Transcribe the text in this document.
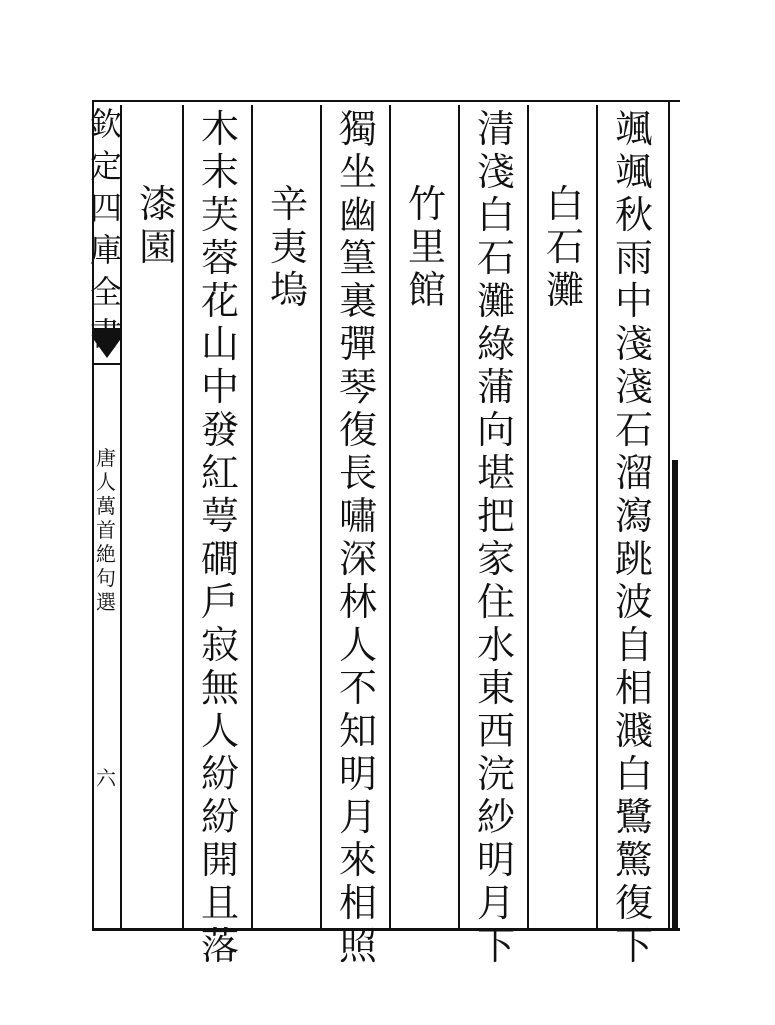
欽
定
四
庫
全
書
唐
人
萬
首
絶
句
選
六
颯
颯
秋
雨
中
淺
淺
石
溜
瀉
跳
波
自
相
濺
白
鷺
驚
復
下
白
石
灘
清
淺
白
石
灘
綠
蒲
向
堪
把
家
住
水
東
西
浣
紗
明
月
下
竹
里
館
獨
坐
幽
篁
裏
彈
琴
復
長
嘯
深
林
人
不
知
明
月
來
相
照
辛
夷
塢
木
末
芙
蓉
花
山
中
發
紅
萼
磵
戶
寂
無
人
紛
紛
開
且
落
漆
園
